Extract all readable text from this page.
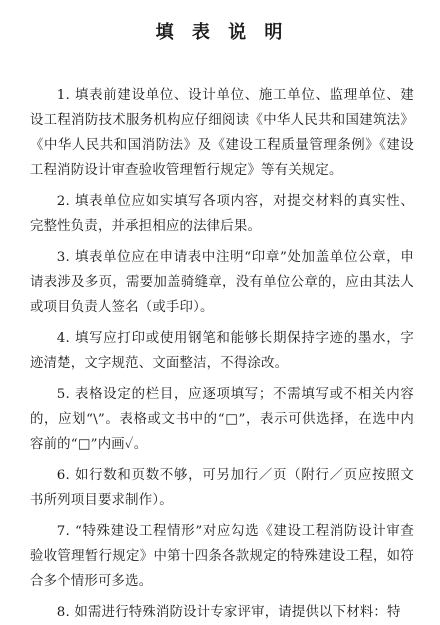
填 表 说 明

1. 填表前建设单位、设计单位、施工单位、监理单位、建设工程消防技术服务机构应仔细阅读《中华人民共和国建筑法》《中华人民共和国消防法》及《建设工程质量管理条例》《建设工程消防设计审查验收管理暂行规定》等有关规定。

2. 填表单位应如实填写各项内容，对提交材料的真实性、完整性负责，并承担相应的法律后果。

3. 填表单位应在申请表中注明“印章”处加盖单位公章，申请表涉及多页，需要加盖骑缝章，没有单位公章的，应由其法人或项目负责人签名（或手印）。

4. 填写应打印或使用钢笔和能够长期保持字迹的墨水，字迹清楚，文字规范、文面整洁，不得涂改。

5. 表格设定的栏目，应逐项填写；不需填写或不相关内容的，应划“\”。表格或文书中的“□”，表示可供选择，在选中内容前的“□”内画✓。

6. 如行数和页数不够，可另加行／页（附行／页应按照文书所列项目要求制作）。

7. “特殊建设工程情形”对应勾选《建设工程消防设计审查验收管理暂行规定》中第十四条各款规定的特殊建设工程，如符合多个情形可多选。

8. 如需进行特殊消防设计专家评审，请提供以下材料：特
